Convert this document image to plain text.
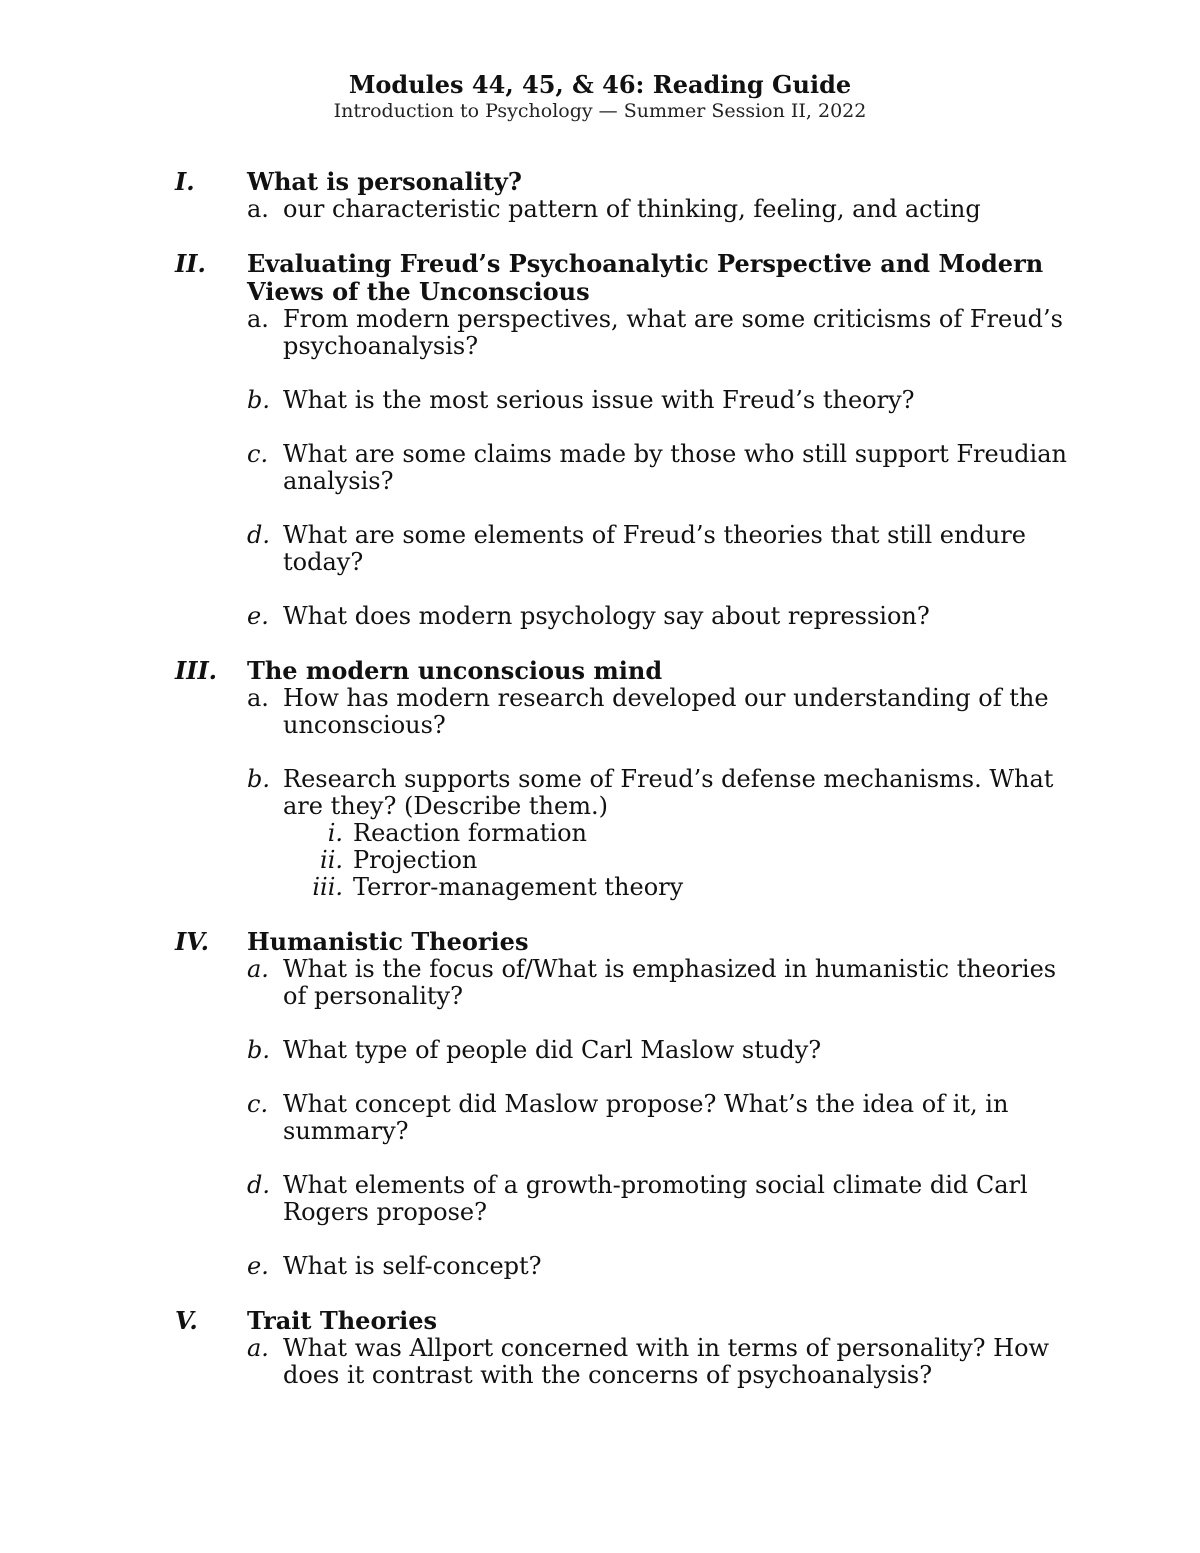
Modules 44, 45, & 46: Reading Guide
Introduction to Psychology — Summer Session II, 2022
I. What is personality?
a. our characteristic pattern of thinking, feeling, and acting
II. Evaluating Freud’s Psychoanalytic Perspective and Modern Views of the Unconscious
a. From modern perspectives, what are some criticisms of Freud’s psychoanalysis?
b. What is the most serious issue with Freud’s theory?
c. What are some claims made by those who still support Freudian analysis?
d. What are some elements of Freud’s theories that still endure today?
e. What does modern psychology say about repression?
III. The modern unconscious mind
a. How has modern research developed our understanding of the unconscious?
b. Research supports some of Freud’s defense mechanisms. What are they? (Describe them.)
i. Reaction formation
ii. Projection
iii. Terror-management theory
IV. Humanistic Theories
a. What is the focus of/What is emphasized in humanistic theories of personality?
b. What type of people did Carl Maslow study?
c. What concept did Maslow propose? What’s the idea of it, in summary?
d. What elements of a growth-promoting social climate did Carl Rogers propose?
e. What is self-concept?
V. Trait Theories
a. What was Allport concerned with in terms of personality? How does it contrast with the concerns of psychoanalysis?
